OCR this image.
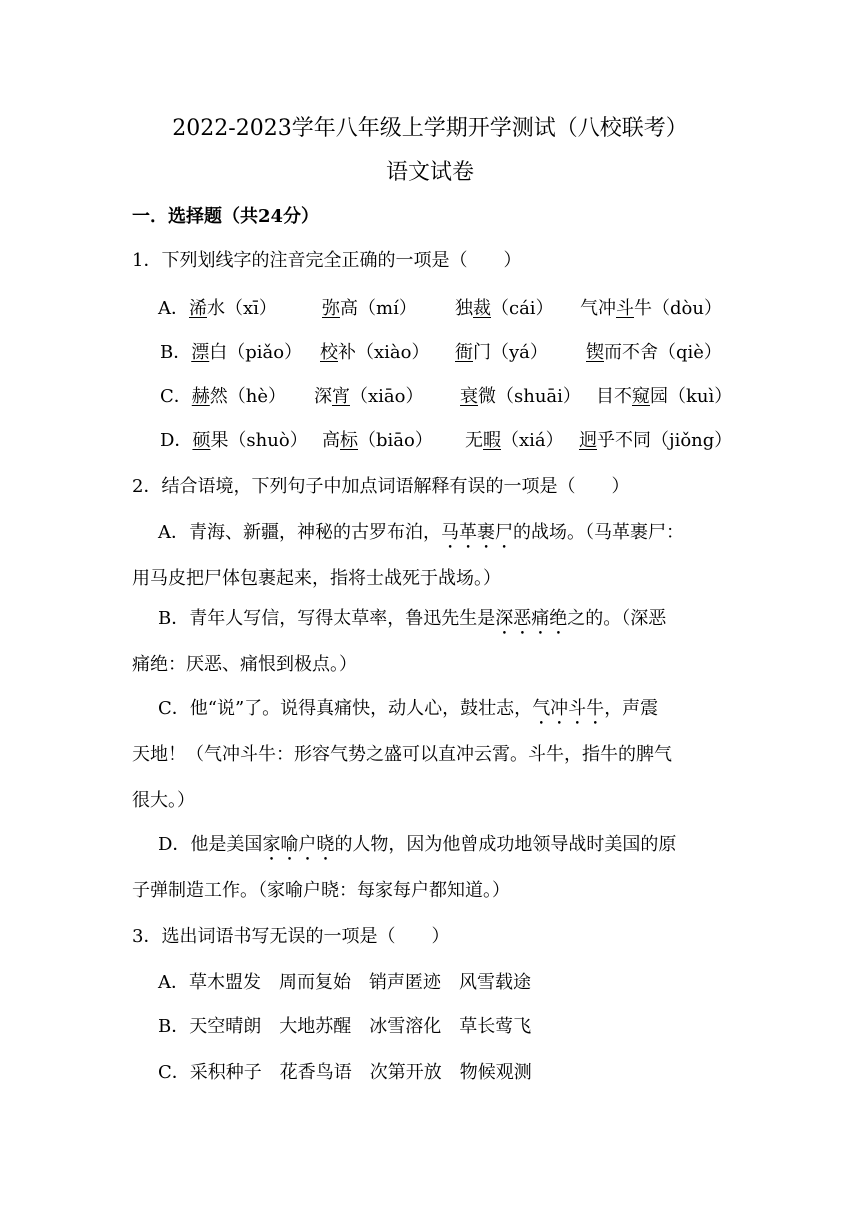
2022-2023学年八年级上学期开学测试（八校联考）
语文试卷
一．选择题（共24分）
1．下列划线字的注音完全正确的一项是（　　）
A．浠水（xī）	弥高（mí） 独裁（cái） 气冲斗牛（dòu）
B．漂白（piǎo） 校补（xiào） 衙门（yá） 锲而不舍（qiè）
C．赫然（hè） 深宵（xiāo） 衰微（shuāi） 目不窥园（kuì）
D．硕果（shuò） 高标（biāo） 无暇（xiá） 迥乎不同（jiǒng）
2．结合语境，下列句子中加点词语解释有误的一项是（　　）
A．青海、新疆，神秘的古罗布泊，马革裹尸的战场。（马革裹尸：
用马皮把尸体包裹起来，指将士战死于战场。）
B．青年人写信，写得太草率，鲁迅先生是深恶痛绝之的。（深恶
痛绝：厌恶、痛恨到极点。）
C．他“说”了。说得真痛快，动人心，鼓壮志，气冲斗牛，声震
天地！（气冲斗牛：形容气势之盛可以直冲云霄。斗牛，指牛的脾气
很大。）
D．他是美国家喻户晓的人物，因为他曾成功地领导战时美国的原
子弹制造工作。（家喻户晓：每家每户都知道。）
3．选出词语书写无误的一项是（　　）
A．草木盟发　周而复始　销声匿迹　风雪载途
B．天空晴朗　大地苏醒　冰雪溶化　草长莺飞
C．采积种子　花香鸟语　次第开放　物候观测
